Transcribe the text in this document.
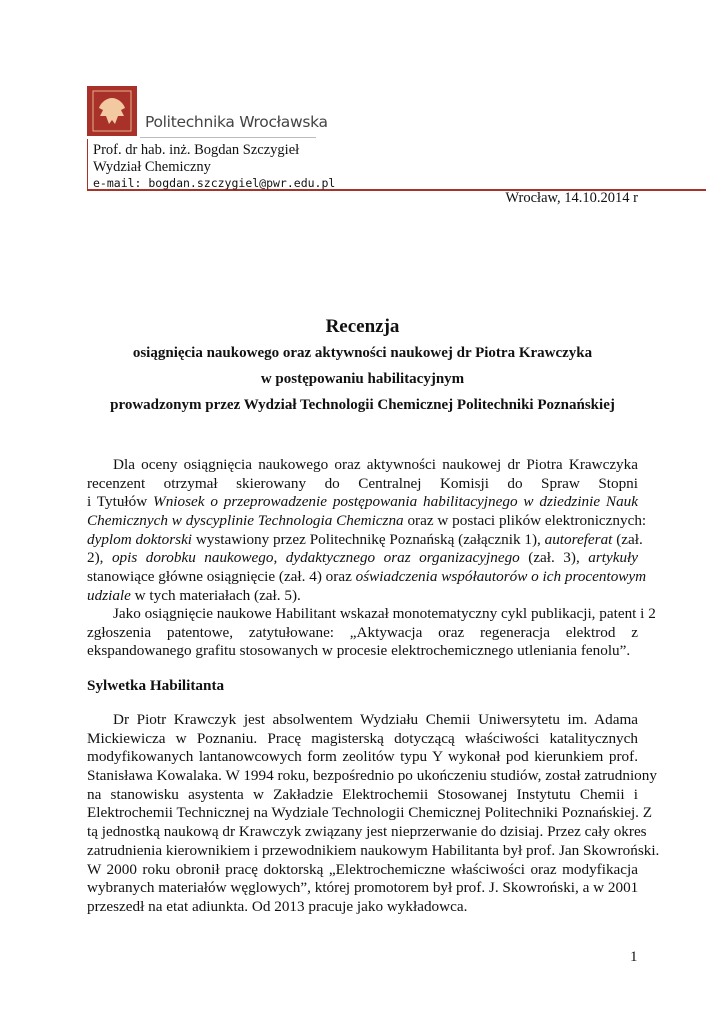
Politechnika Wrocławska
Prof. dr hab. inż. Bogdan Szczygieł
Wydział Chemiczny
e-mail: bogdan.szczygiel@pwr.edu.pl
Wrocław, 14.10.2014 r
Recenzja
osiągnięcia naukowego oraz aktywności naukowej dr Piotra Krawczyka
w postępowaniu habilitacyjnym
prowadzonym przez Wydział Technologii Chemicznej Politechniki Poznańskiej
Dla oceny osiągnięcia naukowego oraz aktywności naukowej dr Piotra Krawczyka
recenzent otrzymał skierowany do Centralnej Komisji do Spraw Stopni
i Tytułów Wniosek o przeprowadzenie postępowania habilitacyjnego w dziedzinie Nauk
Chemicznych w dyscyplinie Technologia Chemiczna oraz w postaci plików elektronicznych:
dyplom doktorski wystawiony przez Politechnikę Poznańską (załącznik 1), autoreferat (zał.
2), opis dorobku naukowego, dydaktycznego oraz organizacyjnego (zał. 3), artykuły
stanowiące główne osiągnięcie (zał. 4) oraz oświadczenia współautorów o ich procentowym
udziale w tych materiałach (zał. 5).
Jako osiągnięcie naukowe Habilitant wskazał monotematyczny cykl publikacji, patent i 2
zgłoszenia patentowe, zatytułowane: „Aktywacja oraz regeneracja elektrod z
ekspandowanego grafitu stosowanych w procesie elektrochemicznego utleniania fenolu”.
Sylwetka Habilitanta
Dr Piotr Krawczyk jest absolwentem Wydziału Chemii Uniwersytetu im. Adama
Mickiewicza w Poznaniu. Pracę magisterską dotyczącą właściwości katalitycznych
modyfikowanych lantanowcowych form zeolitów typu Y wykonał pod kierunkiem prof.
Stanisława Kowalaka. W 1994 roku, bezpośrednio po ukończeniu studiów, został zatrudniony
na stanowisku asystenta w Zakładzie Elektrochemii Stosowanej Instytutu Chemii i
Elektrochemii Technicznej na Wydziale Technologii Chemicznej Politechniki Poznańskiej. Z
tą jednostką naukową dr Krawczyk związany jest nieprzerwanie do dzisiaj. Przez cały okres
zatrudnienia kierownikiem i przewodnikiem naukowym Habilitanta był prof. Jan Skowroński.
W 2000 roku obronił pracę doktorską „Elektrochemiczne właściwości oraz modyfikacja
wybranych materiałów węglowych”, której promotorem był prof. J. Skowroński, a w 2001
przeszedł na etat adiunkta. Od 2013 pracuje jako wykładowca.
1
